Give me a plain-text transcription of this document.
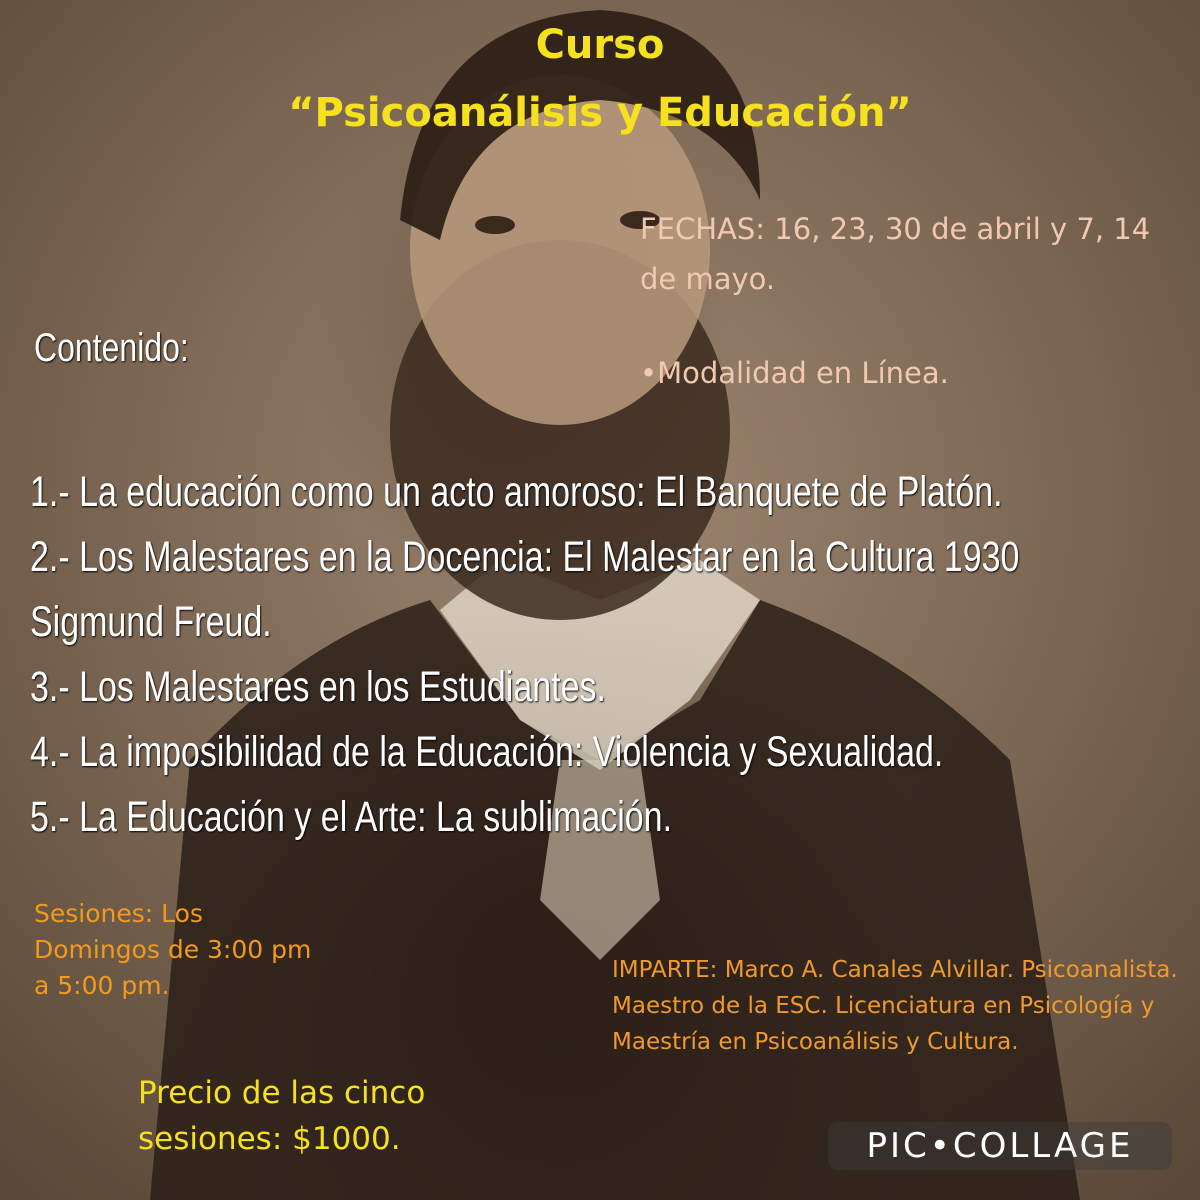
Curso
“Psicoanálisis y Educación”
FECHAS: 16, 23, 30 de abril y 7, 14 de mayo.
•Modalidad en Línea.
Contenido:
1.- La educación como un acto amoroso: El Banquete de Platón.
2.- Los Malestares en la Docencia: El Malestar en la Cultura 1930
Sigmund Freud.
3.- Los Malestares en los Estudiantes.
4.- La imposibilidad de la Educación: Violencia y Sexualidad.
5.- La Educación y el Arte: La sublimación.
Sesiones: Los Domingos de 3:00 pm a 5:00 pm.
IMPARTE: Marco A. Canales Alvillar. Psicoanalista. Maestro de la ESC. Licenciatura en Psicología y Maestría en Psicoanálisis y Cultura.
Precio de las cinco sesiones: $1000.	PIC•COLLAGE
